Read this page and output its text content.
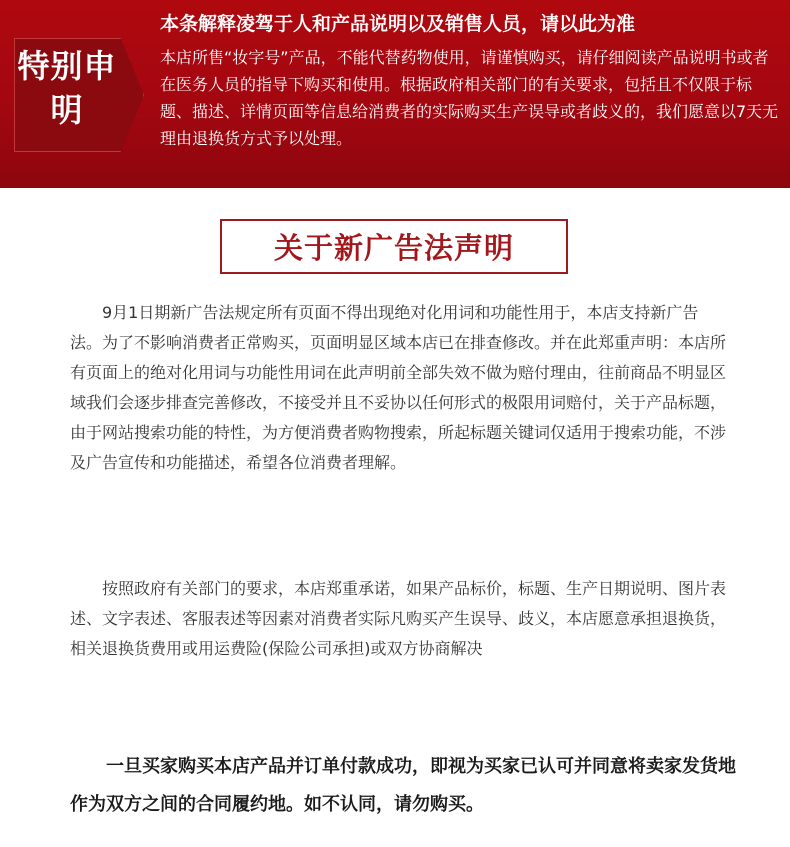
特别申明
本条解释凌驾于人和产品说明以及销售人员，请以此为准
本店所售“妆字号”产品，不能代替药物使用，请谨慎购买，请仔细阅读产品说明书或者在医务人员的指导下购买和使用。根据政府相关部门的有关要求，包括且不仅限于标题、描述、详情页面等信息给消费者的实际购买生产误导或者歧义的，我们愿意以7天无理由退换货方式予以处理。
关于新广告法声明

9月1日期新广告法规定所有页面不得出现绝对化用词和功能性用于，本店支持新广告法。为了不影响消费者正常购买，页面明显区域本店已在排查修改。并在此郑重声明：本店所有页面上的绝对化用词与功能性用词在此声明前全部失效不做为赔付理由，往前商品不明显区域我们会逐步排查完善修改，不接受并且不妥协以任何形式的极限用词赔付，关于产品标题，由于网站搜索功能的特性，为方便消费者购物搜索，所起标题关键词仅适用于搜索功能，不涉及广告宣传和功能描述，希望各位消费者理解。

按照政府有关部门的要求，本店郑重承诺，如果产品标价，标题、生产日期说明、图片表述、文字表述、客服表述等因素对消费者实际凡购买产生误导、歧义，本店愿意承担退换货，相关退换货费用或用运费险(保险公司承担)或双方协商解决

一旦买家购买本店产品并订单付款成功，即视为买家已认可并同意将卖家发货地作为双方之间的合同履约地。如不认同，请勿购买。
